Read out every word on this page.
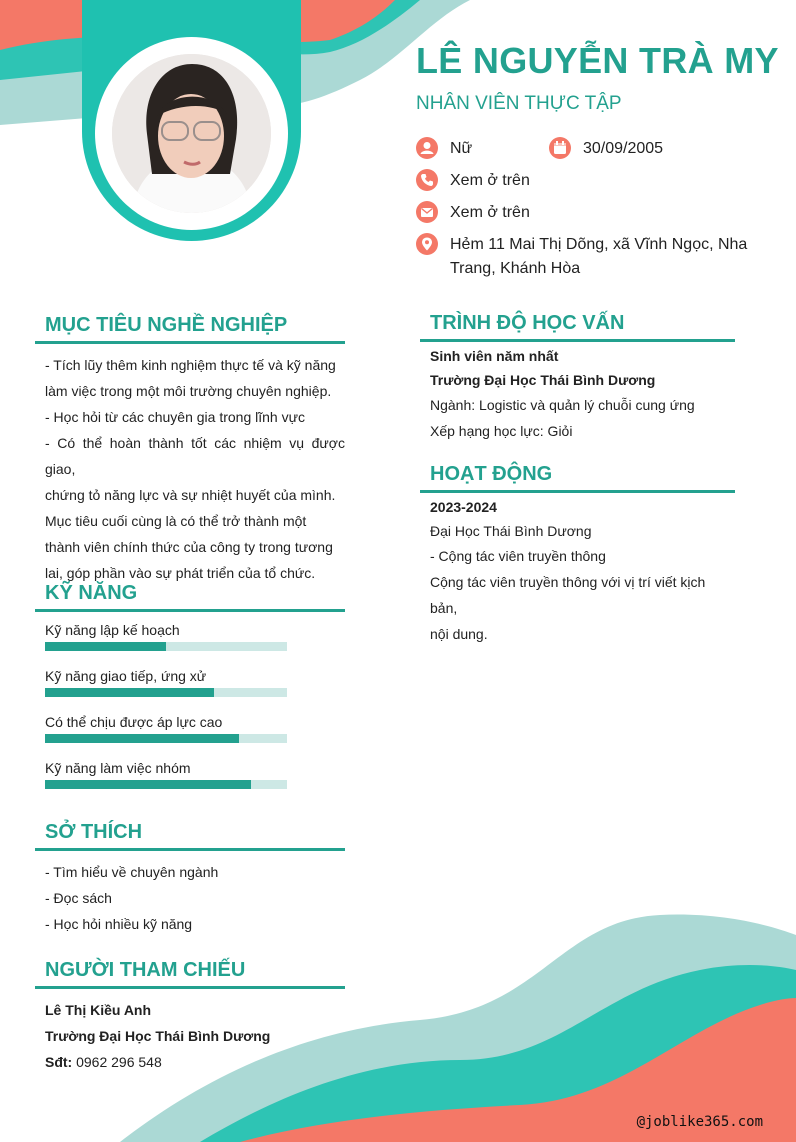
LÊ NGUYỄN TRÀ MY
NHÂN VIÊN THỰC TẬP
Nữ	30/09/2005
Xem ở trên
Xem ở trên
Hẻm 11 Mai Thị Dõng, xã Vĩnh Ngọc, Nha
Trang, Khánh Hòa
MỤC TIÊU NGHỀ NGHIỆP
- Tích lũy thêm kinh nghiệm thực tế và kỹ năng
làm việc trong một môi trường chuyên nghiệp.
- Học hỏi từ các chuyên gia trong lĩnh vực
- Có thể hoàn thành tốt các nhiệm vụ được giao,
chứng tỏ năng lực và sự nhiệt huyết của mình.
Mục tiêu cuối cùng là có thể trở thành một
thành viên chính thức của công ty trong tương
lai, góp phần vào sự phát triển của tổ chức.
KỸ NĂNG
Kỹ năng lập kế hoạch
Kỹ năng giao tiếp, ứng xử
Có thể chịu được áp lực cao
Kỹ năng làm việc nhóm
SỞ THÍCH
- Tìm hiểu về chuyên ngành
- Đọc sách
- Học hỏi nhiều kỹ năng
NGƯỜI THAM CHIẾU
Lê Thị Kiều Anh
Trường Đại Học Thái Bình Dương
Sđt: 0962 296 548
TRÌNH ĐỘ HỌC VẤN
Sinh viên năm nhất
Trường Đại Học Thái Bình Dương
Ngành: Logistic và quản lý chuỗi cung ứng
Xếp hạng học lực: Giỏi
HOẠT ĐỘNG
2023-2024
Đại Học Thái Bình Dương
- Cộng tác viên truyền thông
Cộng tác viên truyền thông với vị trí viết kịch bản,
nội dung.
@joblike365.com
